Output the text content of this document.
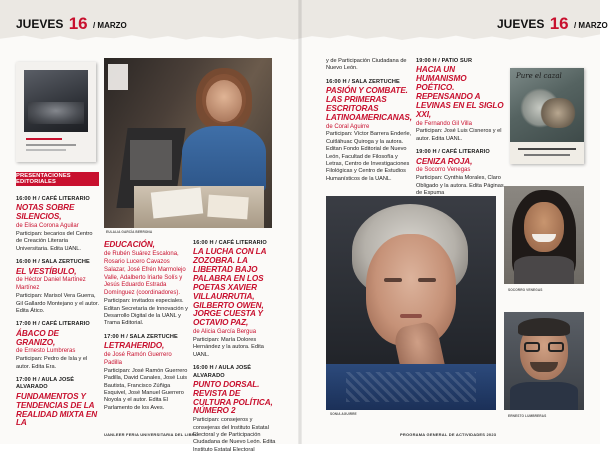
JUEVES 16 / MARZO	JUEVES 16 / MARZO
EULALIA GARCÍA BERRONA
PRESENTACIONES EDITORIALES
16:00 H / CAFÉ LITERARIO
NOTAS SOBRE SILENCIOS,
de Elisa Corona Aguilar
Participan: becarios del Centro de Creación Literaria Universitaria. Edita UANL.
16:00 H / SALA ZERTUCHE
EL VESTÍBULO,
de Héctor Daniel Martínez Martínez
Participan: Marisol Vera Guerra, Gil Gallardo Montejano y el autor. Edita Ático.
17:00 H / CAFÉ LITERARIO
ÁBACO DE GRANIZO,
de Ernesto Lumbreras
Participan: Pedro de Isla y el autor. Edita Era.
17:00 H / AULA JOSÉ ALVARADO
FUNDAMENTOS Y TENDENCIAS DE LA REALIDAD MIXTA EN LA
EDUCACIÓN,
de Rubén Suárez Escalona, Rosario Lucero Cavazos Salazar, José Efrén Marmolejo Valle, Adalberto Iriarte Solís y Jesús Eduardo Estrada Domínguez (coordinadores).
Participan: invitados especiales. Editan Secretaría de Innovación y Desarrollo Digital de la UANL y Trama Editorial.
17:00 H / SALA ZERTUCHE
LETRAHERIDO,
de José Ramón Guerrero Padilla
Participan: José Ramón Guerrero Padilla, David Canales, José Luis Bautista, Francisco Zúñiga Esquivel, José Manuel Guerrero Noyola y el autor. Edita El Parlamento de los Aves.
16:00 H / CAFÉ LITERARIO
LA LUCHA CON LA ZOZOBRA. LA LIBERTAD BAJO PALABRA EN LOS POETAS XAVIER VILLAURRUTIA, GILBERTO OWEN, JORGE CUESTA Y OCTAVIO PAZ,
de Alicia García Bergua
Participan: María Dolores Hernández y la autora. Edita UANL.
16:00 H / AULA JOSÉ ALVARADO
PUNTO DORSAL. REVISTA DE CULTURA POLÍTICA, NÚMERO 2
Participan: consejeros y consejeras del Instituto Estatal Electoral y de Participación Ciudadana de Nuevo León. Edita Instituto Estatal Electoral
y de Participación Ciudadana de Nuevo León.
16:00 H / SALA ZERTUCHE
PASIÓN Y COMBATE. LAS PRIMERAS ESCRITORAS LATINOAMERICANAS,
de Coral Aguirre
Participan: Víctor Barrera Enderle, Cuitláhuac Quiroga y la autora. Editan Fondo Editorial de Nuevo León, Facultad de Filosofía y Letras, Centro de Investigaciones Filológicas y Centro de Estudios Humanísticos de la UANL.
19:00 H / PATIO SUR
HACIA UN HUMANISMO POÉTICO. REPENSANDO A LEVINAS EN EL SIGLO XXI,
de Fernando Gil Villa
Participan: José Luis Cisneros y el autor. Edita UANL.
19:00 H / CAFÉ LITERARIO
CENIZA ROJA,
de Socorro Venegas
Participan: Cynthia Morales, Claro Obligado y la autora. Edita Páginas de Espuma
Pure el cazal
SONIA AGUIRRE
SOCORRO VENEGAS
ERNESTO LUMBRERAS
UANLEER FERIA UNIVERSITARIA DEL LIBRO	PROGRAMA GENERAL DE ACTIVIDADES 2023
